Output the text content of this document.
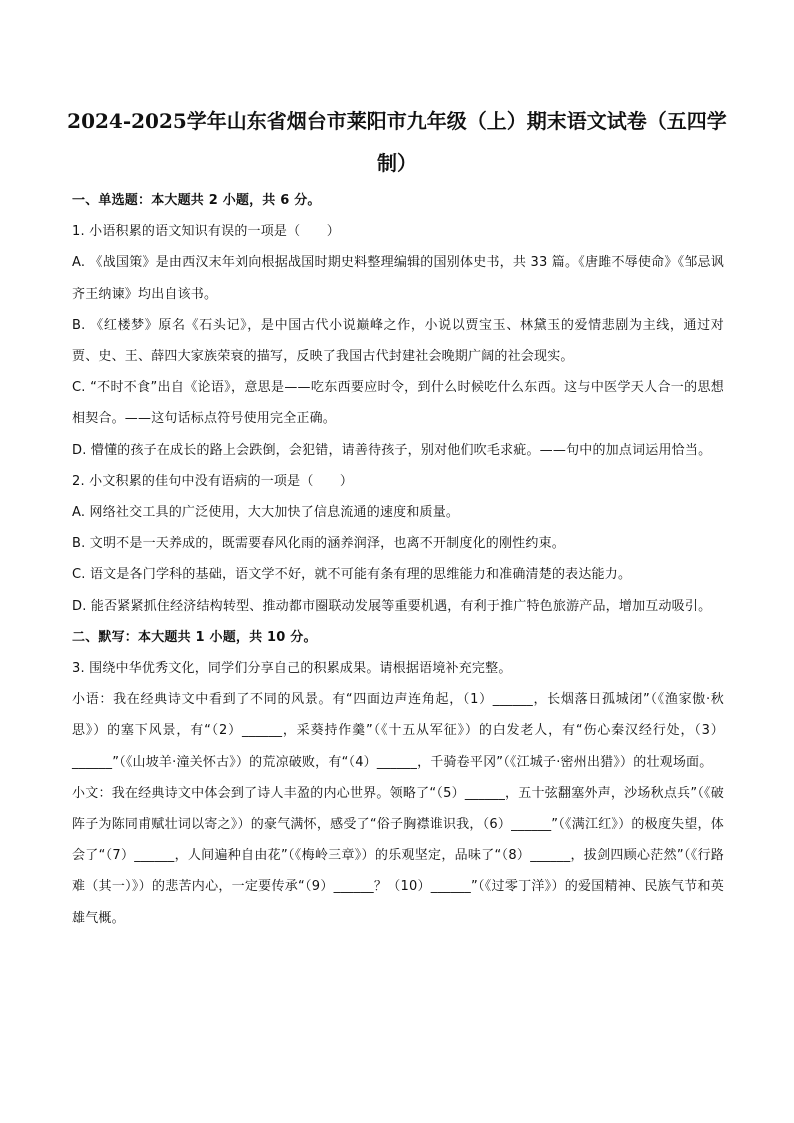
2024-2025学年山东省烟台市莱阳市九年级（上）期末语文试卷（五四学制）

一、单选题：本大题共 2 小题，共 6 分。

1. 小语积累的语文知识有误的一项是（　　）

A. 《战国策》是由西汉末年刘向根据战国时期史料整理编辑的国别体史书，共 33 篇。《唐雎不辱使命》《邹忌讽齐王纳谏》均出自该书。

B. 《红楼梦》原名《石头记》，是中国古代小说巅峰之作，小说以贾宝玉、林黛玉的爱情悲剧为主线，通过对贾、史、王、薛四大家族荣衰的描写，反映了我国古代封建社会晚期广阔的社会现实。

C. “不时不食”出自《论语》，意思是——吃东西要应时令，到什么时候吃什么东西。这与中医学天人合一的思想相契合。——这句话标点符号使用完全正确。

D. 懵懂的孩子在成长的路上会跌倒，会犯错，请善待孩子，别对他们吹毛求疵。——句中的加点词运用恰当。

2. 小文积累的佳句中没有语病的一项是（　　）

A. 网络社交工具的广泛使用，大大加快了信息流通的速度和质量。

B. 文明不是一天养成的，既需要春风化雨的涵养润泽，也离不开制度化的刚性约束。

C. 语文是各门学科的基础，语文学不好，就不可能有条有理的思维能力和准确清楚的表达能力。

D. 能否紧紧抓住经济结构转型、推动都市圈联动发展等重要机遇，有利于推广特色旅游产品，增加互动吸引。

二、默写：本大题共 1 小题，共 10 分。

3. 围绕中华优秀文化，同学们分享自己的积累成果。请根据语境补充完整。

小语：我在经典诗文中看到了不同的风景。有“四面边声连角起，（1）______，长烟落日孤城闭”（《渔家傲·秋思》）的塞下风景，有“（2）______，采葵持作羹”（《十五从军征》）的白发老人，有“伤心秦汉经行处，（3）______”（《山坡羊·潼关怀古》）的荒凉破败，有“（4）______，千骑卷平冈”（《江城子·密州出猎》）的壮观场面。

小文：我在经典诗文中体会到了诗人丰盈的内心世界。领略了“（5）______，五十弦翻塞外声，沙场秋点兵”（《破阵子为陈同甫赋壮词以寄之》）的豪气满怀，感受了“俗子胸襟谁识我，（6）______”（《满江红》）的极度失望，体会了“（7）______，人间遍种自由花”（《梅岭三章》）的乐观坚定，品味了“（8）______，拔剑四顾心茫然”（《行路难（其一）》）的悲苦内心，一定要传承“（9）______？（10）______”（《过零丁洋》）的爱国精神、民族气节和英雄气概。
